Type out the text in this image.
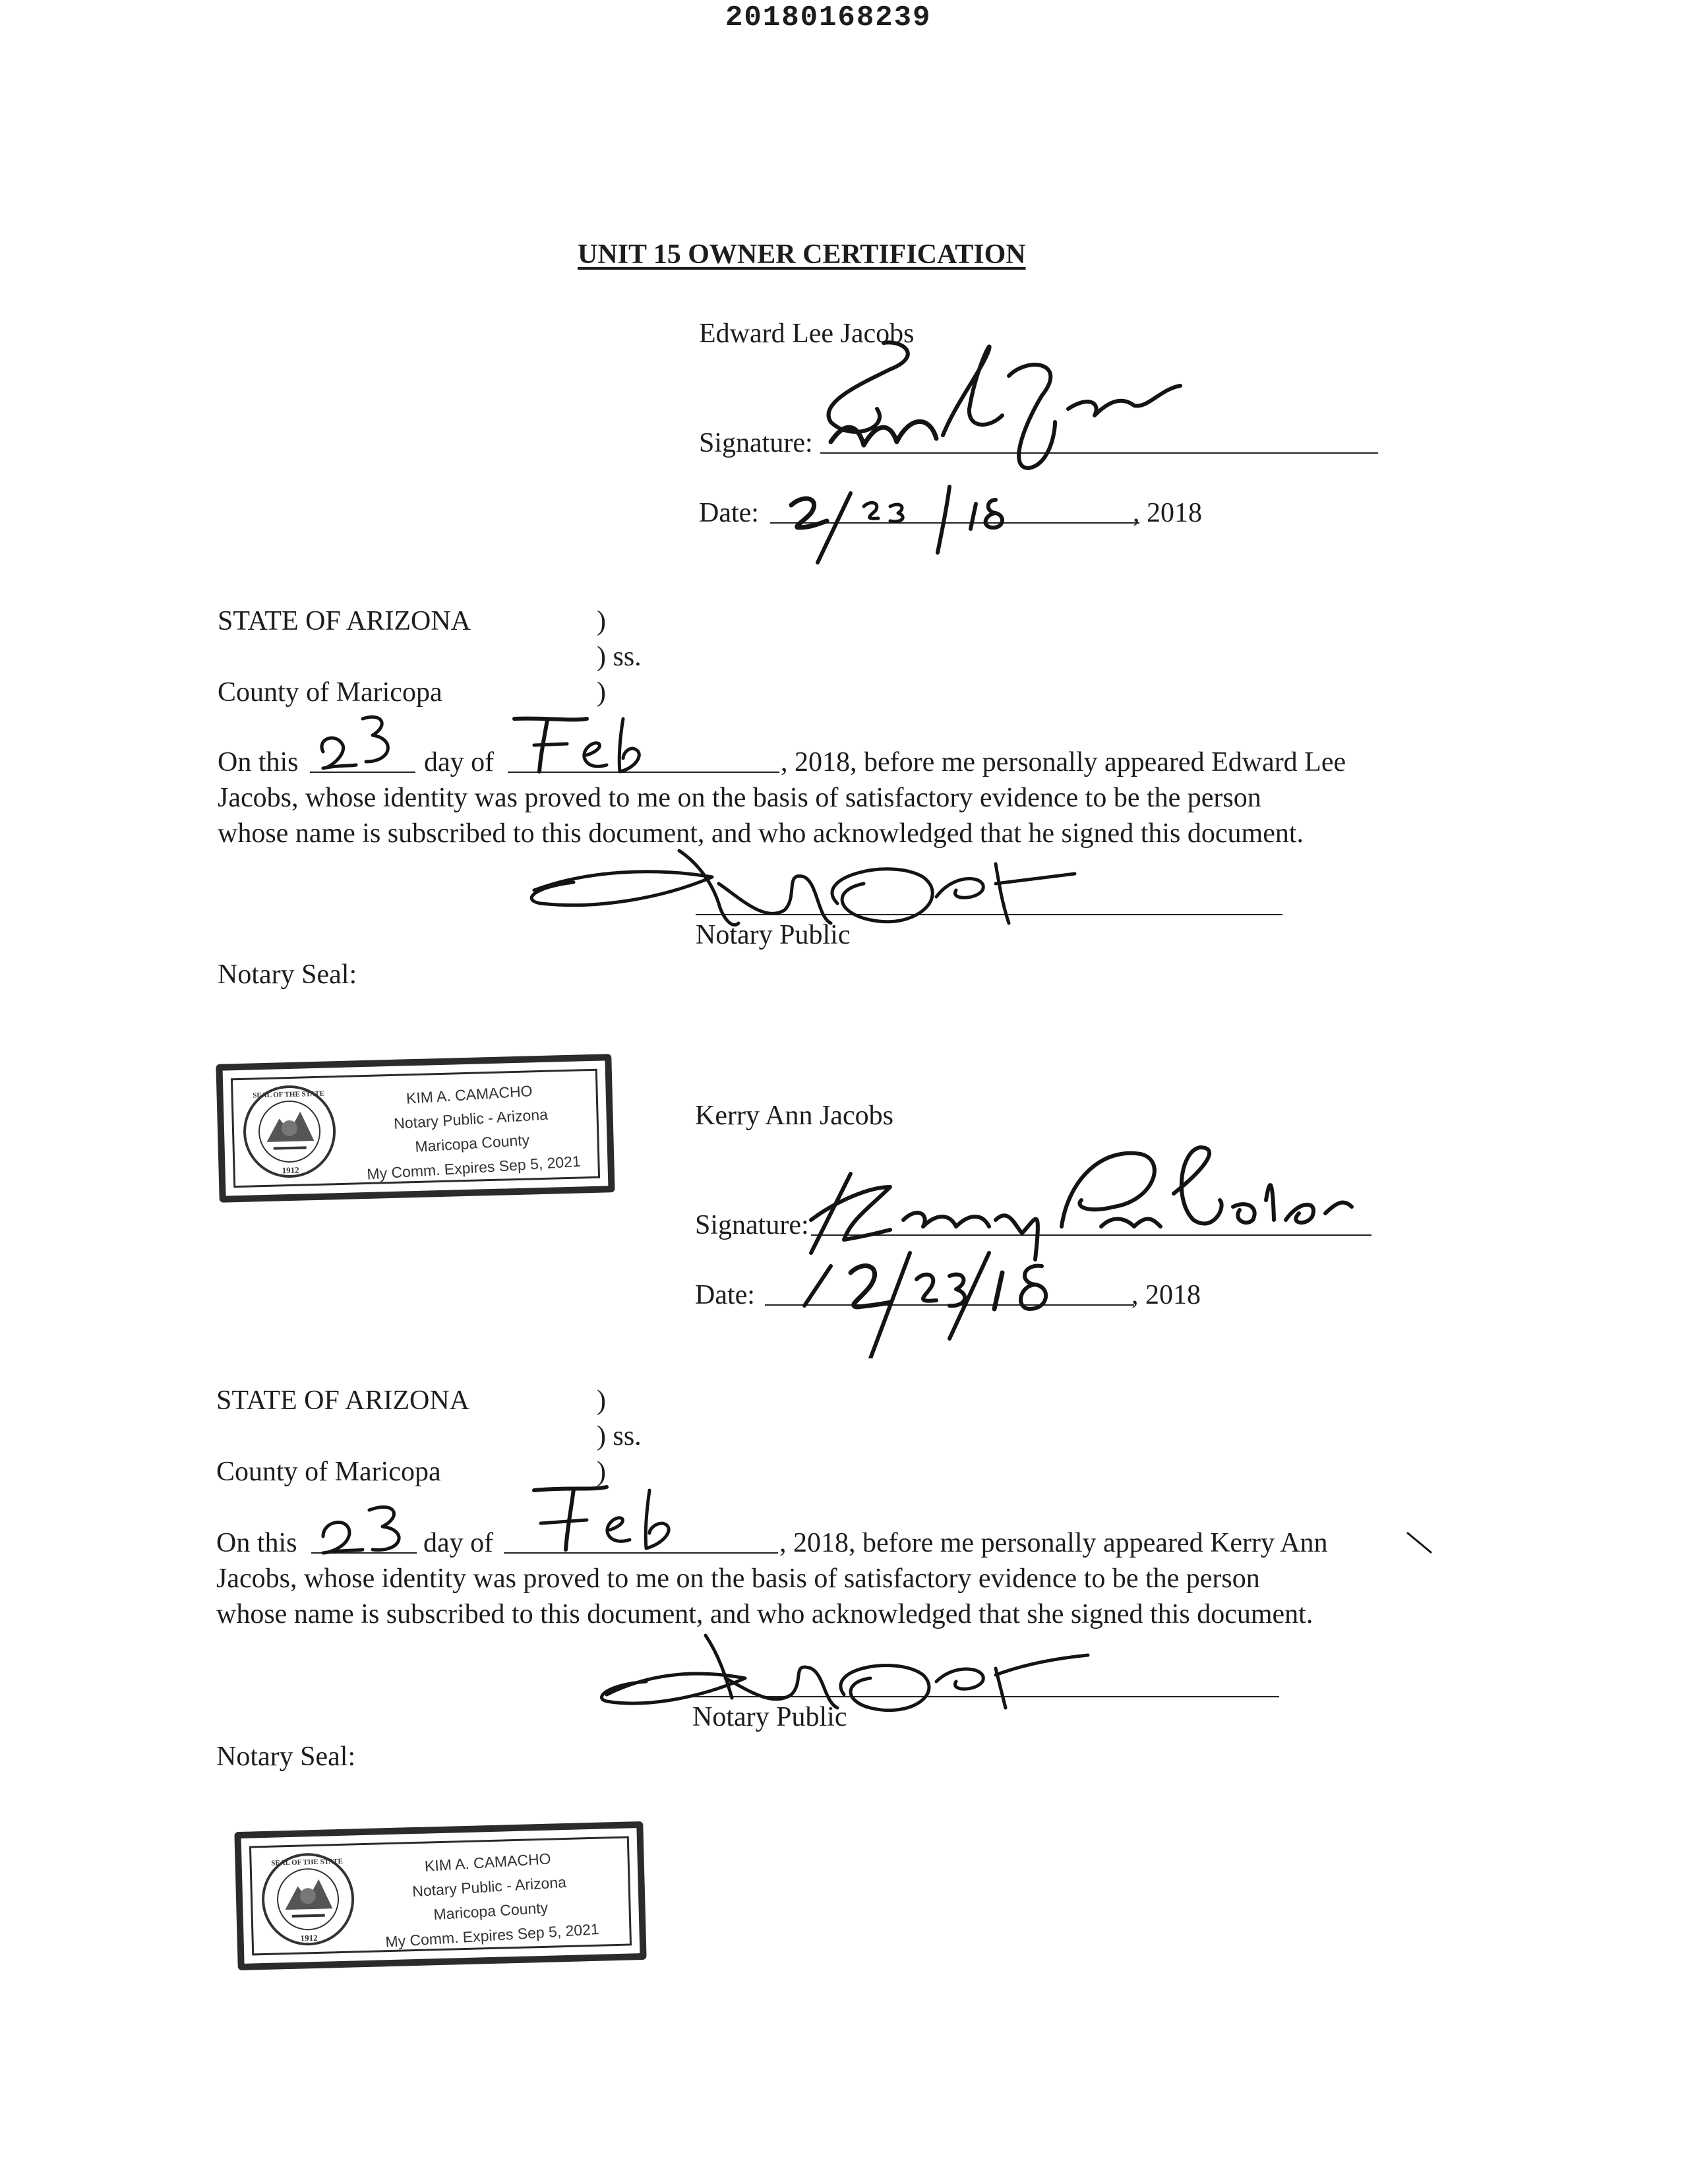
20180168239
UNIT 15 OWNER CERTIFICATION
Edward Lee Jacobs
Signature:
Date:	, 2018
STATE OF ARIZONA	)
) ss.
County of Maricopa	)
On this	day of	, 2018, before me personally appeared Edward Lee
Jacobs, whose identity was proved to me on the basis of satisfactory evidence to be the person
whose name is subscribed to this document, and who acknowledged that he signed this document.
Notary Public
Notary Seal:
SEAL OF THE STATE
1912
KIM A. CAMACHO
Notary Public - Arizona
Maricopa County
My Comm. Expires Sep 5, 2021
Kerry Ann Jacobs
Signature:
Date:	, 2018
STATE OF ARIZONA	)
) ss.
County of Maricopa	)
On this	day of	, 2018, before me personally appeared Kerry Ann
Jacobs, whose identity was proved to me on the basis of satisfactory evidence to be the person
whose name is subscribed to this document, and who acknowledged that she signed this document.
Notary Public
Notary Seal:
SEAL OF THE STATE
1912
KIM A. CAMACHO
Notary Public - Arizona
Maricopa County
My Comm. Expires Sep 5, 2021
